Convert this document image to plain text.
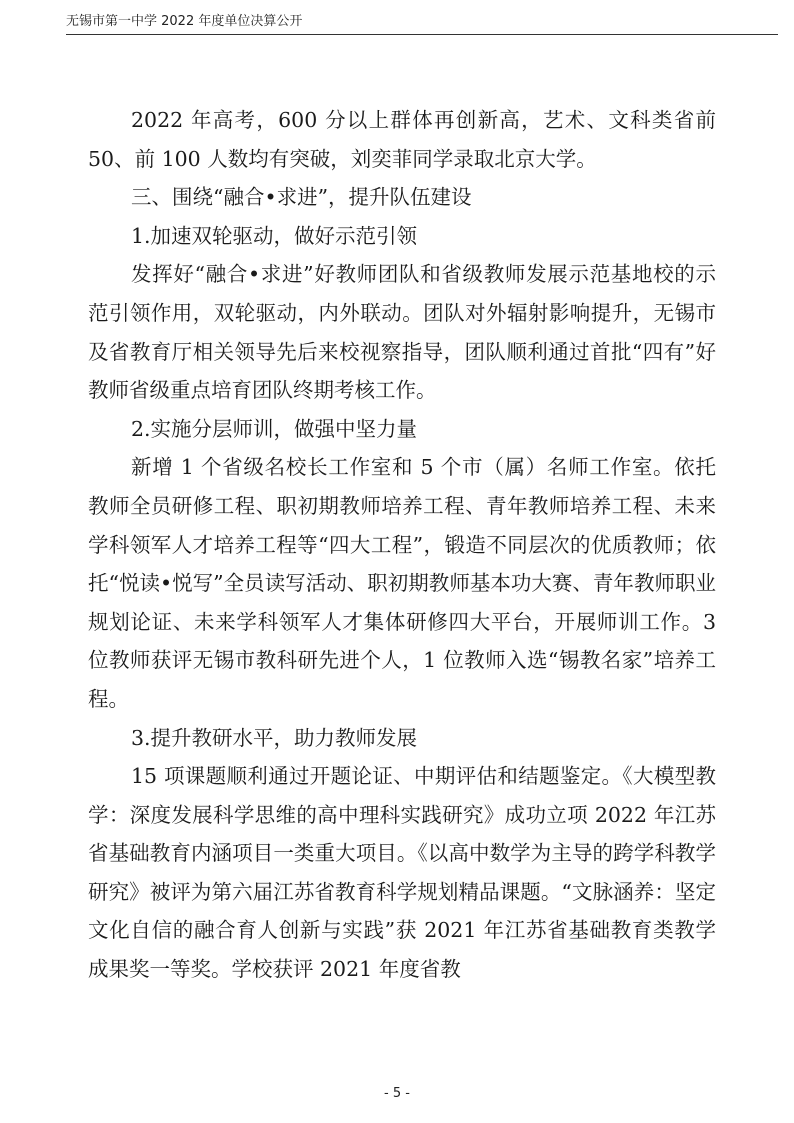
无锡市第一中学 2022 年度单位决算公开

2022 年高考，600 分以上群体再创新高，艺术、文科类省前 50、前 100 人数均有突破，刘奕菲同学录取北京大学。

三、围绕“融合•求进”，提升队伍建设

1.加速双轮驱动，做好示范引领

发挥好“融合•求进”好教师团队和省级教师发展示范基地校的示范引领作用，双轮驱动，内外联动。团队对外辐射影响提升，无锡市及省教育厅相关领导先后来校视察指导，团队顺利通过首批“四有”好教师省级重点培育团队终期考核工作。

2.实施分层师训，做强中坚力量

新增 1 个省级名校长工作室和 5 个市（属）名师工作室。依托教师全员研修工程、职初期教师培养工程、青年教师培养工程、未来学科领军人才培养工程等“四大工程”，锻造不同层次的优质教师；依托“悦读•悦写”全员读写活动、职初期教师基本功大赛、青年教师职业规划论证、未来学科领军人才集体研修四大平台，开展师训工作。3 位教师获评无锡市教科研先进个人，1 位教师入选“锡教名家”培养工程。

3.提升教研水平，助力教师发展

15 项课题顺利通过开题论证、中期评估和结题鉴定。《大模型教学：深度发展科学思维的高中理科实践研究》成功立项 2022 年江苏省基础教育内涵项目一类重大项目。《以高中数学为主导的跨学科教学研究》被评为第六届江苏省教育科学规划精品课题。“文脉涵养：坚定文化自信的融合育人创新与实践”获 2021 年江苏省基础教育类教学成果奖一等奖。学校获评 2021 年度省教

- 5 -
